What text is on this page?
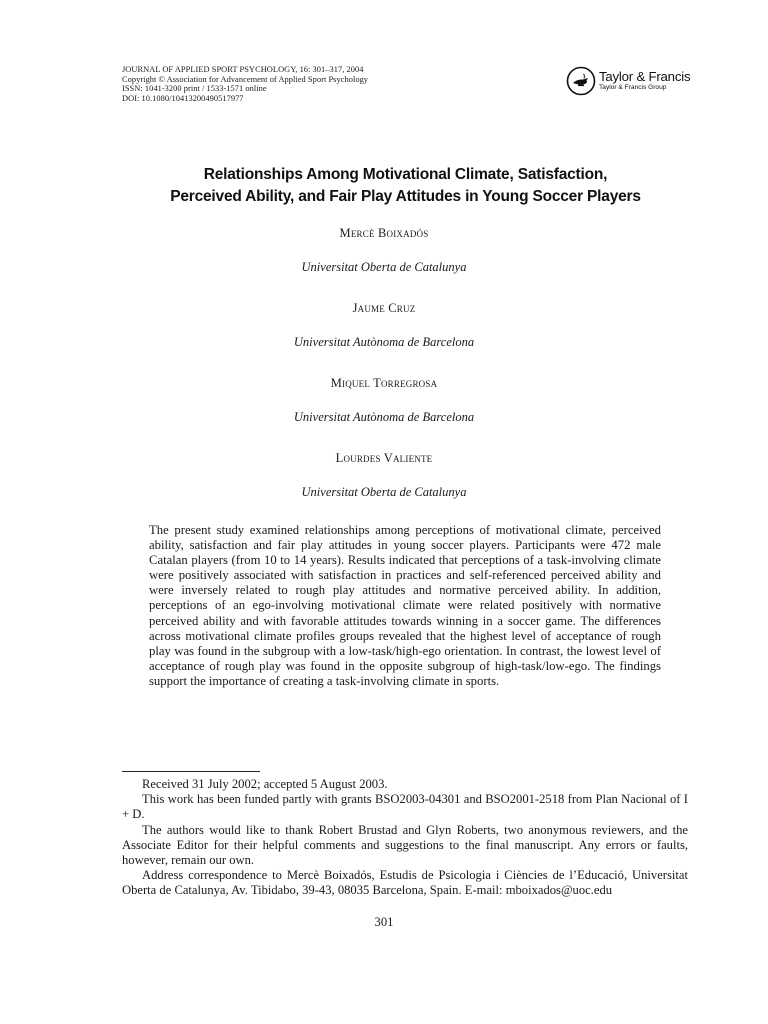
JOURNAL OF APPLIED SPORT PSYCHOLOGY, 16: 301–317, 2004
Copyright © Association for Advancement of Applied Sport Psychology
ISSN: 1041-3200 print / 1533-1571 online
DOI: 10.1080/10413200490517977
Taylor & Francis
Taylor & Francis Group
Relationships Among Motivational Climate, Satisfaction,
Perceived Ability, and Fair Play Attitudes in Young Soccer Players
Mercè Boixadós
Universitat Oberta de Catalunya
Jaume Cruz
Universitat Autònoma de Barcelona
Miquel Torregrosa
Universitat Autònoma de Barcelona
Lourdes Valiente
Universitat Oberta de Catalunya
The present study examined relationships among perceptions of motivational climate, perceived ability, satisfaction and fair play attitudes in young soccer players. Participants were 472 male Catalan players (from 10 to 14 years). Results indicated that perceptions of a task-involving climate were positively associated with satisfaction in practices and self-referenced perceived ability and were inversely related to rough play attitudes and normative perceived ability. In addition, perceptions of an ego-involving motivational climate were related positively with normative perceived ability and with favorable attitudes towards winning in a soccer game. The differences across motivational climate profiles groups revealed that the highest level of acceptance of rough play was found in the subgroup with a low-task/high-ego orientation. In contrast, the lowest level of acceptance of rough play was found in the opposite subgroup of high-task/low-ego. The findings support the importance of creating a task-involving climate in sports.

Received 31 July 2002; accepted 5 August 2003.

This work has been funded partly with grants BSO2003-04301 and BSO2001-2518 from Plan Nacional of I + D.

The authors would like to thank Robert Brustad and Glyn Roberts, two anonymous reviewers, and the Associate Editor for their helpful comments and suggestions to the final manuscript. Any errors or faults, however, remain our own.

Address correspondence to Mercè Boixadós, Estudis de Psicologia i Ciències de l’Educació, Universitat Oberta de Catalunya, Av. Tibidabo, 39-43, 08035 Barcelona, Spain. E-mail: mboixados@uoc.edu

301
